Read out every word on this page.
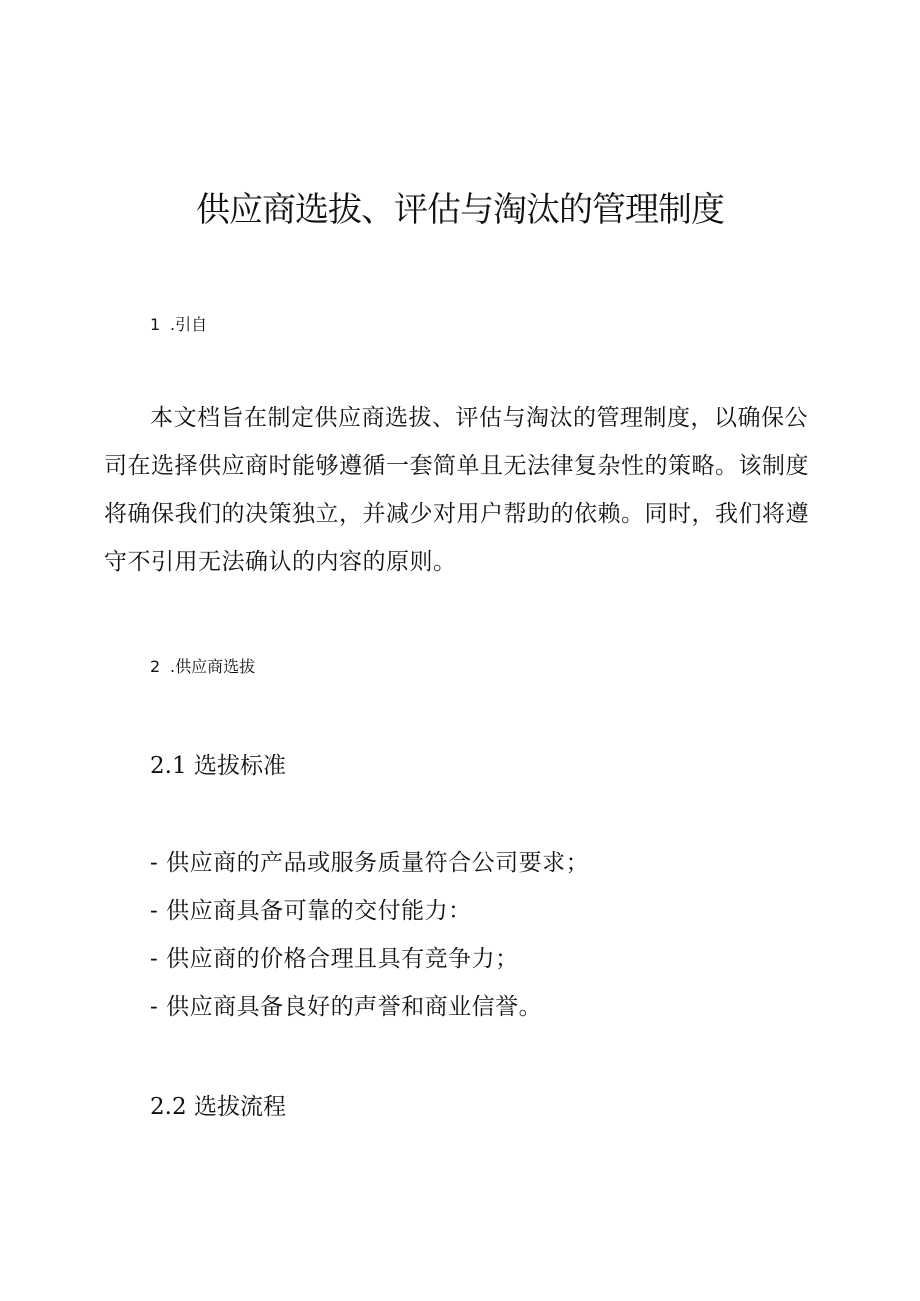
供应商选拔、评估与淘汰的管理制度
1 .引自

本文档旨在制定供应商选拔、评估与淘汰的管理制度，以确保公司在选择供应商时能够遵循一套简单且无法律复杂性的策略。该制度将确保我们的决策独立，并减少对用户帮助的依赖。同时，我们将遵守不引用无法确认的内容的原则。

2 .供应商选拔
2.1 选拔标准
- 供应商的产品或服务质量符合公司要求；
- 供应商具备可靠的交付能力：
- 供应商的价格合理且具有竞争力；
- 供应商具备良好的声誉和商业信誉。
2.2 选拔流程
